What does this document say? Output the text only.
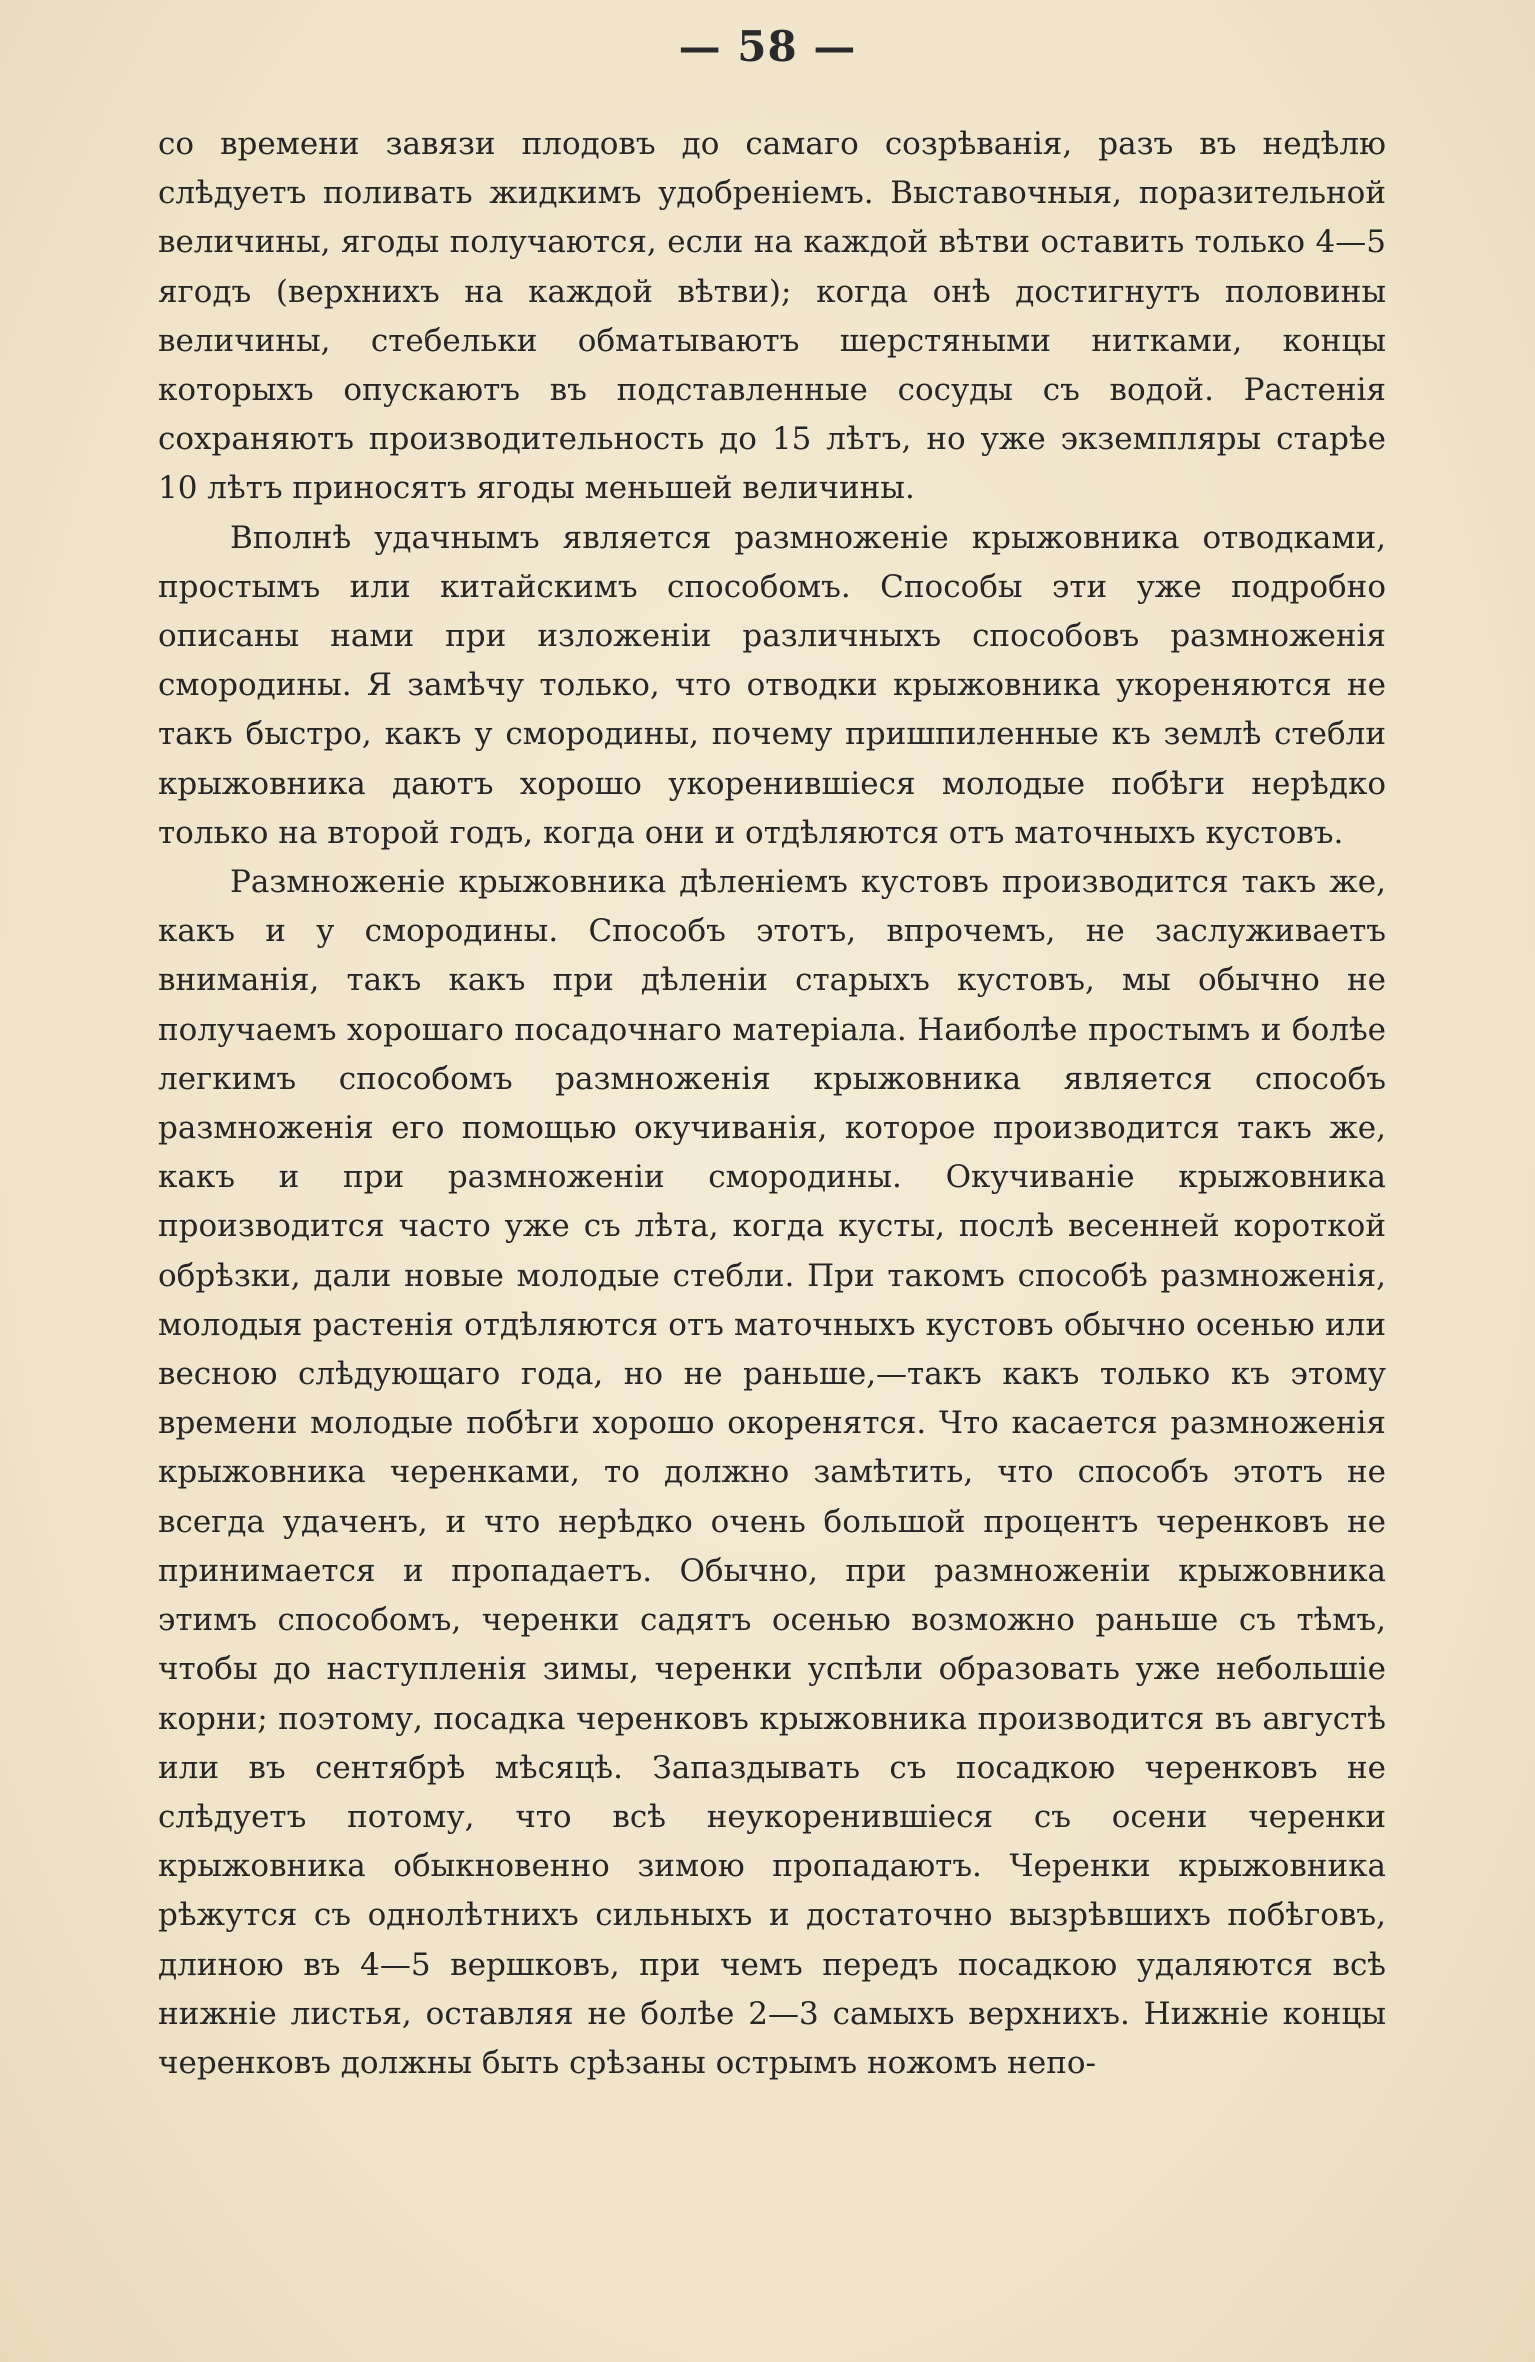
— 58 —

со времени завязи плодовъ до самаго созрѣванія, разъ въ недѣлю слѣдуетъ поливать жидкимъ удобреніемъ. Выставочныя, поразительной величины, ягоды получаются, если на каждой вѣтви оставить только 4—5 ягодъ (верхнихъ на каждой вѣтви); когда онѣ достигнутъ половины величины, стебельки обматываютъ шерстяными нитками, концы которыхъ опускаютъ въ подставленные сосуды съ водой. Растенія сохраняютъ производительность до 15 лѣтъ, но уже экземпляры старѣе 10 лѣтъ приносятъ ягоды меньшей величины.

Вполнѣ удачнымъ является размноженіе крыжовника отводками, простымъ или китайскимъ способомъ. Способы эти уже подробно описаны нами при изложеніи различныхъ способовъ размноженія смородины. Я замѣчу только, что отводки крыжовника укореняются не такъ быстро, какъ у смородины, почему пришпиленные къ землѣ стебли крыжовника даютъ хорошо укоренившіеся молодые побѣги нерѣдко только на второй годъ, когда они и отдѣляются отъ маточныхъ кустовъ.

Размноженіе крыжовника дѣленіемъ кустовъ производится такъ же, какъ и у смородины. Способъ этотъ, впрочемъ, не заслуживаетъ вниманія, такъ какъ при дѣленіи старыхъ кустовъ, мы обычно не получаемъ хорошаго посадочнаго матеріала. Наиболѣе простымъ и болѣе легкимъ способомъ размноженія крыжовника является способъ размноженія его помощью окучиванія, которое производится такъ же, какъ и при размноженіи смородины. Окучиваніе крыжовника производится часто уже съ лѣта, когда кусты, послѣ весенней короткой обрѣзки, дали новые молодые стебли. При такомъ способѣ размноженія, молодыя растенія отдѣляются отъ маточныхъ кустовъ обычно осенью или весною слѣдующаго года, но не раньше,—такъ какъ только къ этому времени молодые побѣги хорошо окоренятся. Что касается размноженія крыжовника черенками, то должно замѣтить, что способъ этотъ не всегда удаченъ, и что нерѣдко очень большой процентъ черенковъ не принимается и пропадаетъ. Обычно, при размноженіи крыжовника этимъ способомъ, черенки садятъ осенью возможно раньше съ тѣмъ, чтобы до наступленія зимы, черенки успѣли образовать уже небольшіе корни; поэтому, посадка черенковъ крыжовника производится въ августѣ или въ сентябрѣ мѣсяцѣ. Запаздывать съ посадкою черенковъ не слѣдуетъ потому, что всѣ неукоренившіеся съ осени черенки крыжовника обыкновенно зимою пропадаютъ. Черенки крыжовника рѣжутся съ однолѣтнихъ сильныхъ и достаточно вызрѣвшихъ побѣговъ, длиною въ 4—5 вершковъ, при чемъ передъ посадкою удаляются всѣ нижніе листья, оставляя не болѣе 2—3 самыхъ верхнихъ. Нижніе концы черенковъ должны быть срѣзаны острымъ ножомъ непо-
